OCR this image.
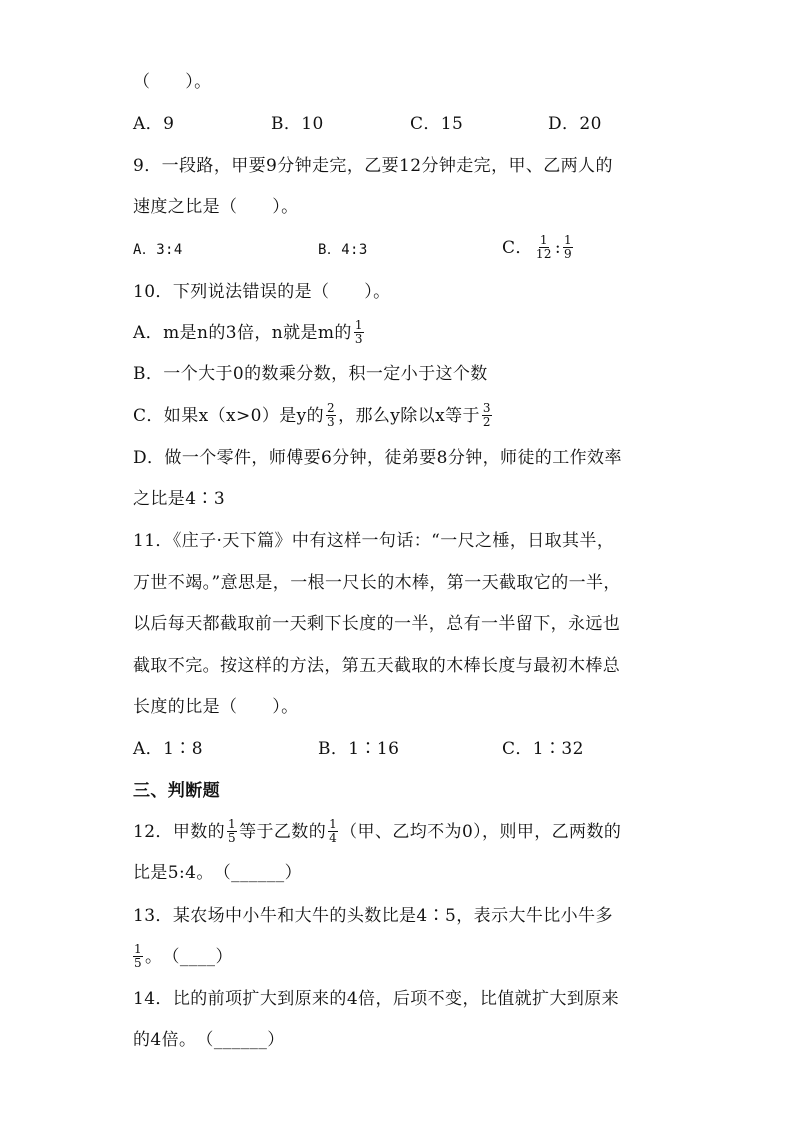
（　　）。
A．9	B．10	C．15	D．20
9．一段路，甲要9分钟走完，乙要12分钟走完，甲、乙两人的
速度之比是（　　）。
A．3:4	B．4:3	C． $\frac{1}{12}$ : $\frac{1}{9}$
10．下列说法错误的是（　　）。
A．m是n的3倍，n就是m的 $\frac{1}{3}$
B．一个大于0的数乘分数，积一定小于这个数
C．如果x（x>0）是y的 $\frac{2}{3}$ ，那么y除以x等于 $\frac{3}{2}$
D．做一个零件，师傅要6分钟，徒弟要8分钟，师徒的工作效率
之比是4∶3
11．《庄子·天下篇》中有这样一句话：“一尺之棰，日取其半，
万世不竭。”意思是，一根一尺长的木棒，第一天截取它的一半，
以后每天都截取前一天剩下长度的一半，总有一半留下，永远也
截取不完。按这样的方法，第五天截取的木棒长度与最初木棒总
长度的比是（　　）。
A．1∶8	B．1∶16	C．1∶32
三、判断题
12．甲数的 $\frac{1}{5}$ 等于乙数的 $\frac{1}{4}$ （甲、乙均不为0），则甲，乙两数的
比是5:4。（______）
13．某农场中小牛和大牛的头数比是4∶5，表示大牛比小牛多
$\frac{1}{5}$ 。（____）
14．比的前项扩大到原来的4倍，后项不变，比值就扩大到原来
的4倍。（______）
